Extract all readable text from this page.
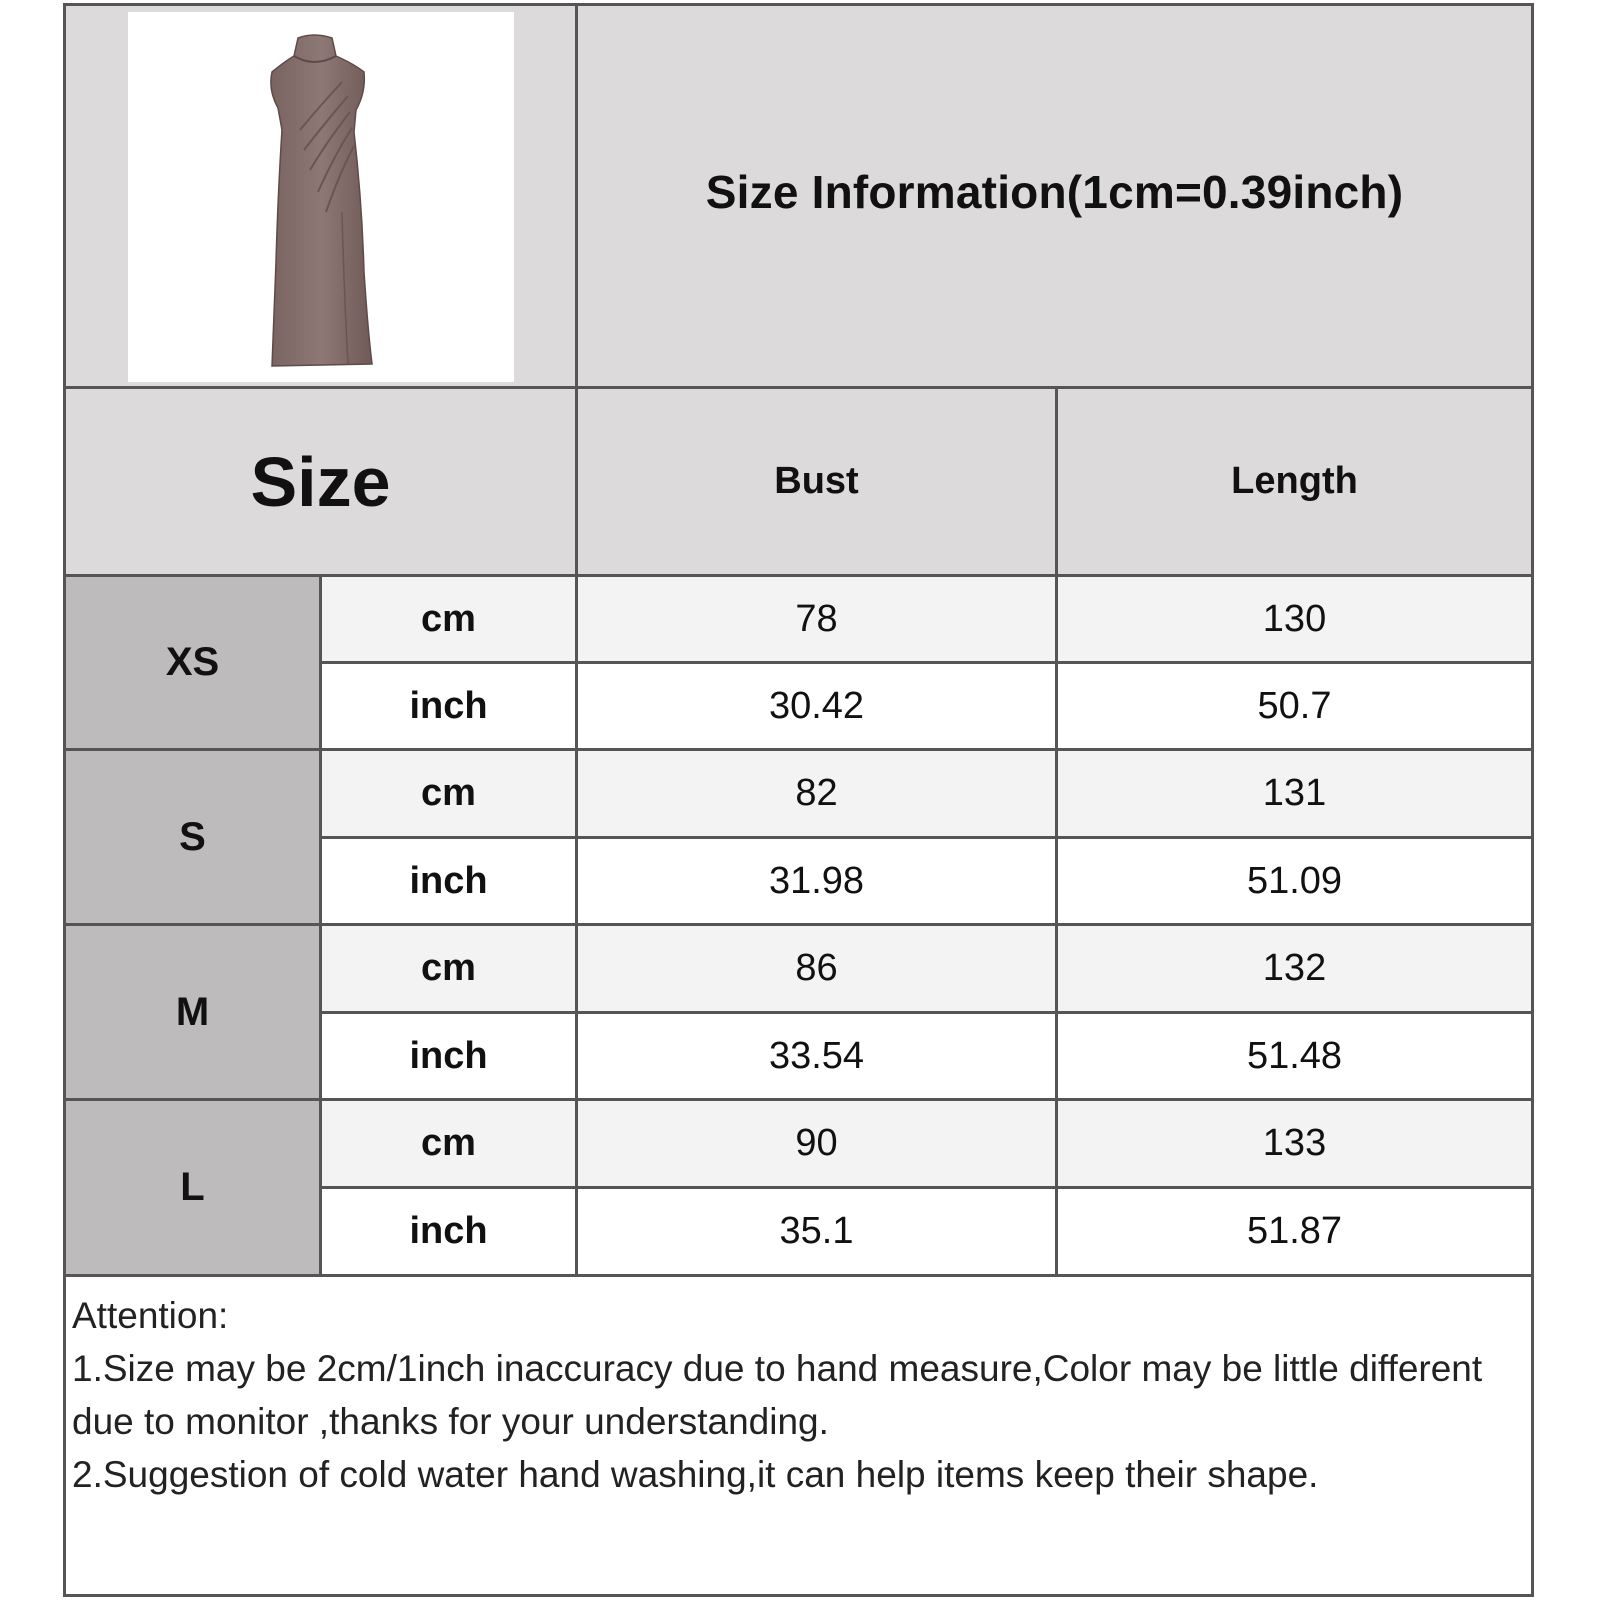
Size Information(1cm=0.39inch)
Size	Bust	Length
XS
cm	78	130
inch	30.42	50.7
S
cm	82	131
inch	31.98	51.09
M
cm	86	132
inch	33.54	51.48
L
cm	90	133
inch	35.1	51.87

Attention:

1.Size may be 2cm/1inch inaccuracy due to hand measure,Color may be little different due to monitor ,thanks for your understanding.

2.Suggestion of cold water hand washing,it can help items keep their shape.
